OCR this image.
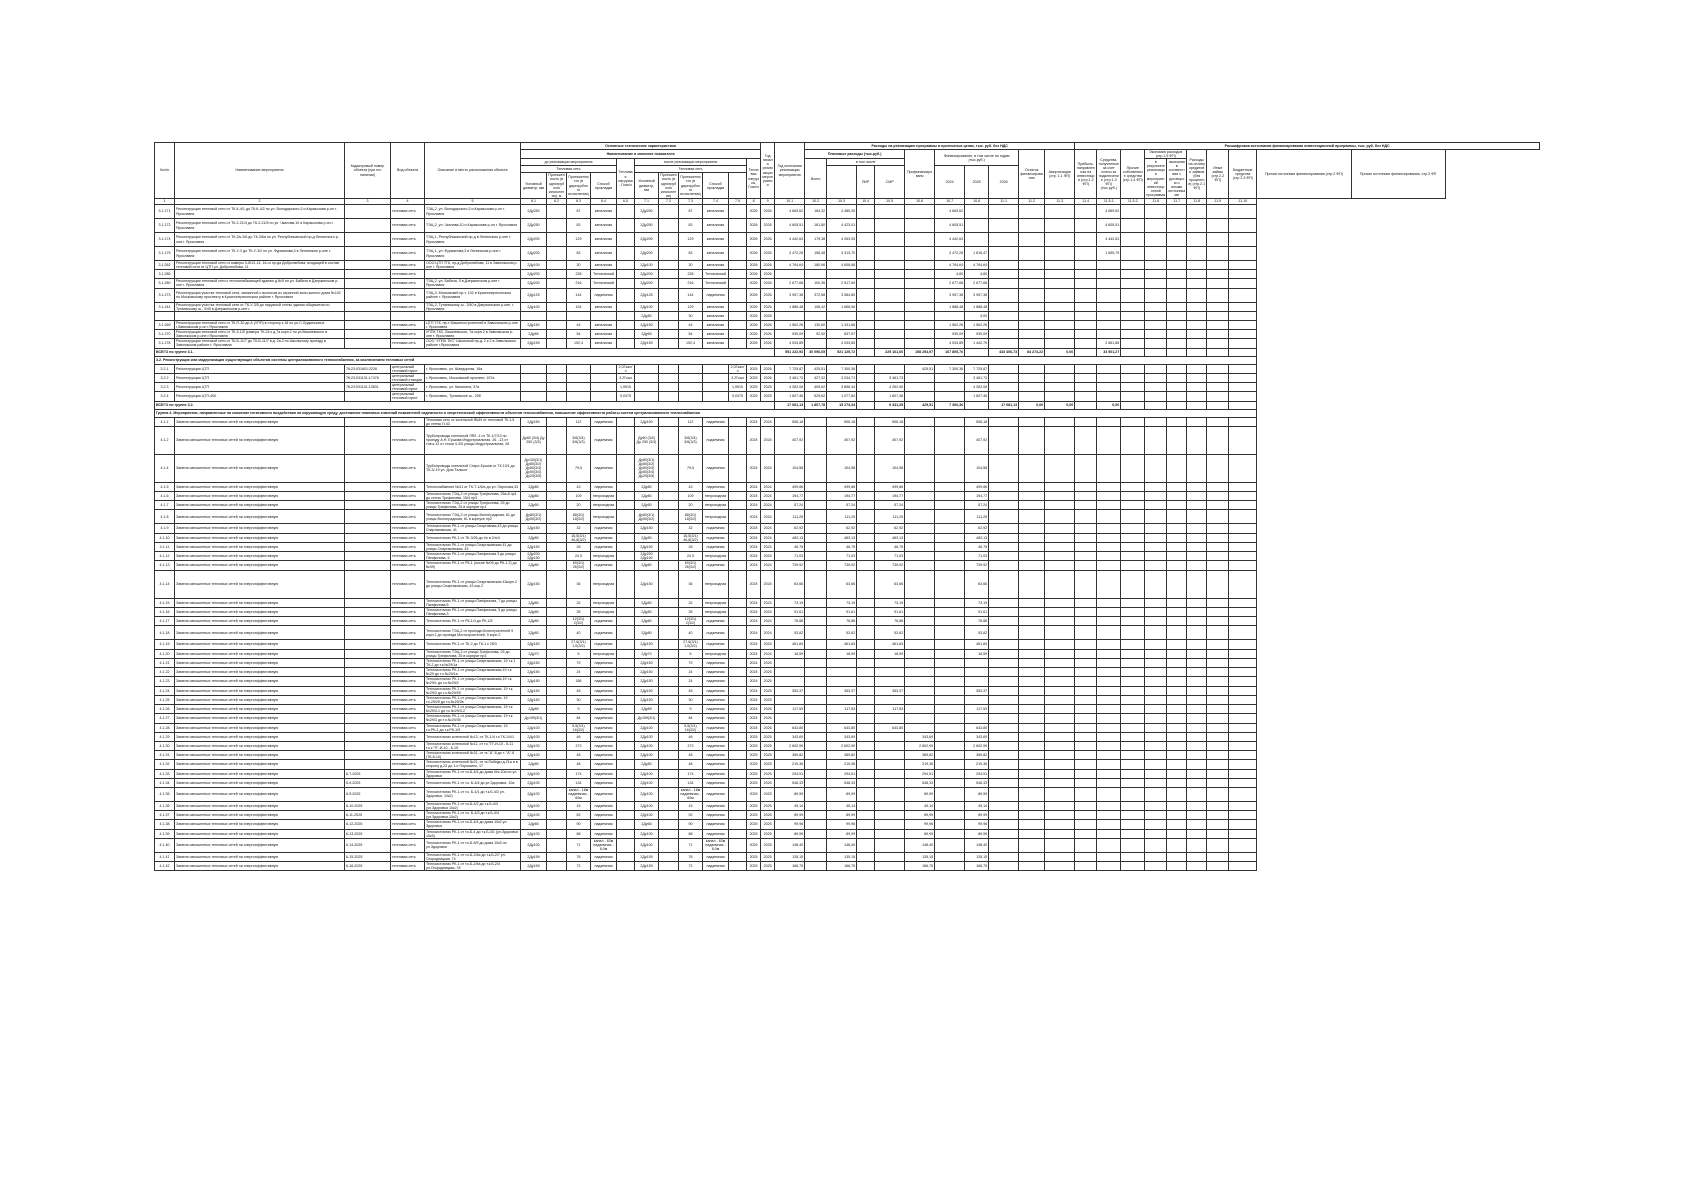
№п/п	Наименование мероприятия	Кадастровый номер объекта (при его наличии)	Вид объекта	Описание и место расположения объекта	Основные технические характеристики											Год начала реализации мероприятия	Год окончания реализации мероприятия	Расходы на реализацию программы в прогнозных ценах, тыс. руб. без НДС										Расшифровка источников финансирования инвестиционной программы, тыс. руб. без НДС									
					Наименование и значение показателя													Плановые расходы (тыс.руб.)				Профинансировано	Финансирование, в том числе по годам (тыс.руб.)			Остаток финансирования	Амортизация (стр. 1.1 ФП)	Прибыль, направленная на инвестиции (стр.1.2 ФП)	Средства, полученные за счет платы за подключение (стр.1.3 ФП) (тыс.руб.)	Прочие собственные средства (стр.1.4 ФП)	Экономия расходов (стр.1.5 ФП)		Расходы на оплату кредитов и займов (без процентов) (стр.2.1 ФП)	Иные займы (стр.2.2 ФП)	Бюджетные средства (стр.2.3 ФП)	Прочие источники финансирования (стр.2 ФП)	Прочие источники финансирования, стр.3 ФП
					до реализации мероприятия				Тепловая нагрузка, Гкал/ч	после реализации мероприятия					Тепловая нагрузка, Гкал/ч			Всего	в том числе												в результате реализации мероприятий инвестиционной программы	экономия в соответствии с договором и иными источниками					
					Тепловая сеть					Тепловая сеть										ПИР	СМР		2024	2025	2026												
					Условный диаметр, мм	Протяженность (в однотрубном исчислении), м	Протяженность (в двухтрубном исчислении)	Способ прокладки		Условный диаметр, мм	Протяженность (в однотрубном исчислении)	Протяженность (в двухтрубном исчислении)	Способ прокладки																								
1	2	3	4	5	6.1	6.2	6.3	6.4	6.5	7.1	7.2	7.3	7.4	7.5	8	9	10.1	10.2	10.3	10.4	10.5	10.6	10.7	10.8	11.1	11.2	11.3	11.4	11.5.1	11.5.2	11.6	11.7	11.8	11.9	11.10		
3.1.171	Реконструкция тепловой сети от ТК-К-4/1 до ТК-К-4/2 по ул. Володарского,3 и Каракозова р-он г. Ярославля		тепловая сеть	ТЭЦ-2, ул. Володарского,3 и Каракозова р-он г. Ярославля	2Ду250		87	канальная		2Ду250		87	канальная		2026	2026	4 669,62	184,32	4 485,30				4 669,62						4 669,62								
3.1.172	Реконструкция тепловой сети от ТК-2-21/4 до ТК-2-21/5 по ул. Чкалова,10 и Каракозова р-он г. Ярославля		тепловая сеть	ТЭЦ-2, ул. Чкалова,10 и Каракозова р-он г. Ярославля	2Ду250		83	канальная		2Ду250		83	канальная		2026	2026	4 605,51	181,80	4 423,41				4 605,51						4 605,51								
3.1.174	Реконструкция тепловой сети от ТК-2/к-3/6 до ТК-3/6а по ул. Республиканской пр-д Ленинского р-она г. Ярославля		тепловая сеть	ТЭЦ-1, Республиканский пр-д в Ленинском р-оне г. Ярославля	2Ду200		129	канальная		2Ду200		129	канальная		2026	2026	4 442,63	179,38	4 263,05				4 442,63						4 442,63								
3.1.175	Реконструкция тепловой сети от ТК-У-3 до ТК-У-3/2 по ул. Фурманова,3 в Ленинском р-оне г. Ярославля		тепловая сеть	ТЭЦ-1, ул. Фурманова,3 в Ленинском р-оне г. Ярославля	2Ду200		82	канальная		2Ду200		82	канальная		2026	2026	3 472,28	158,48	3 313,70				3 472,28	1 816,47					1 655,79								
3.1.262	Реконструкция тепловой сети от камеры 3-Ж12-14, 16-го пр-да Добролюбова, входящей в состав тепловой сети от ЦТП ул. Добролюбова, 11		тепловая сеть	ООО ЦТП ТГК, пр-д Добролюбова, 11 в Заволжском р-оне г. Ярославля	2Ду100		30	канальная		2Ду100		30	канальная		2026	2026	4 794,64	180,96	4 608,68				4 794,64	4 794,64													
3.1.285			тепловая сеть		2Ду200		228	Технический		2Ду200		228	Технический		2026	2026							4,80	4,80													
3.1.280	Реконструкция тепловой сети к теплоснабжающей зданию д.№5 по ул. Бабича в Дзержинском р-оне г. Ярославля		тепловая сеть	ТЭЦ-2, ул. Бабича, 5 в Дзержинском р-оне г. Ярославля	2Ду200		216	Технический		2Ду200		216	Технический		2026	2026	2 677,66	100,36	2 517,69				2 677,66	2 677,66													
3.1.273	Реконструкция участка тепловой сети, связанной с выносом из охранной зоны жилого дома №102 по Московскому проспекту в Красноперекопском районе г. Ярославля		тепловая сеть	ТЭЦ-3, Московский пр-т, 102 в Красноперекопском районе г. Ярославля	2Ду125		144	надземная		2Ду125		144	надземная		2026	2026	3 957,38	372,58	3 584,80				3 957,38	3 957,38													
3.1.241	Реконструкция участка тепловой сети от ТК-У-3/5 до наружной стены здания общежития по Тутаевскому ш., 3/40 в Дзержинском р-оне г.		тепловая сеть	ТЭЦ-2, Тутаевскому ш., 3/40 в Дзержинском р-оне, г. Ярославля	2Ду100		154	канальная		2Ду100		129	канальная		2026	2026	1 886,48	108,42	1 668,06				1 888,48	1 888,48													
										2Ду80		30	канальная		2026	2026								4,00													
3.1.269	Реконструкция тепловой сети от ТК-П-30 до А (УПП) в сторону к 18 по ул.С.Ордынская,в г.Заволжском р-он г.Ярославля		тепловая сеть	ЦТП ТГК, пр-т Машиностроителей в Заволжском р-оне г. Ярославля	2Ду150		44	канальная		2Ду150		44	канальная		2026	2026	1 562,26	130,60	1 431,66				1 562,26	1 562,26													
3.1.270	Реконструкция тепловой сети от ТК-3-1/5 (камера ТК-24 к д.7а корп.2 по ул.Вишневского в Заволжском р-оне г.Ярославля		тепловая сеть	УППК ТКС, Вишневского, 7а корп.2 в Заволжском р-оне г. Ярославля	2Ду65		54	канальная		2Ду65		54	канальная		2026	2026	930,09	92,52	837,57				930,09	930,09													
3.1.278	Реконструкция тепловой сети от ТК-Б-11/7 до ТК-Б-11/7 в д. 2а.2 по Школьному проезду в Заволжском районе г. Ярославля		тепловая сеть	ООО "УППК ТКС" Школьный пр-д, 2 к.2 в Заволжском районе г.Ярославля	2Ду159		192,4	канальная		2Ду159		192,4	канальная		2026	2026	4 033,85		4 033,85				4 033,85	1 442,79					2 661,86								
ВСЕГО по группе 3.1.																	551 222,93	30 096,65	521 125,72		225 161,60	158 254,97	167 805,76		433 406,73	84 274,22	0,00		33 501,27								
3.2. Реконструкция или модернизация существующих объектов системы централизованного теплоснабжения, за исключением тепловых сетей																																					
3.2.1	Реконструкция ЦТП	76:23:031601:2226	центральный тепловой пункт	г. Ярославль, ул. Шандорная, 16а					2,0Гкал/ч					2,0Гкал/ч	2025	2026	7 725,87	425,51	7 300,36			425,51	7 300,36	7 725,87													
3.2.2	Реконструкция ЦТП	76:23:031101:17476	центральный тепловой станции	г. Ярославль, Московский проспект, 157а					3,2Гкал					3,2Гкал	2025	2026	3 461,73	427,02	3 034,71		3 461,73			3 461,73													
3.2.3	Реконструкция ЦТП	76:23:031101:13831	центральный тепловой пункт	г. Ярославль, ул. Калинина, 37а					1,9915					1,9915	2025	2025	4 262,06	405,62	3 856,44		4 262,06			4 262,06													
3.2.4	Реконструкция ЦТП-400		центральный тепловой пункт	г. Ярославль, Тутаевское ш., 25б					9,0375					9,0375	2025	2025	1 607,46	529,62	1 077,84		1 607,46			1 607,46													
ВСЕГО по группе 3.2.																	17 081,13	1 807,78	15 273,34		9 331,25	425,51	7 300,36		17 081,13	0,00	0,00		0,00								
Группа 4. Мероприятия, направленные на снижение негативного воздействия на окружающую среду, достижение плановых значений показателей надежности и энергетической эффективности объектов теплоснабжения, повышение эффективности работы систем централизованного теплоснабжения																																					
4.1.1	Замена изношенных тепловых сетей на энергоэффективную		тепловая сеть	Тепловая сеть от котельной ЯШН от тепловой ТК-1/1 до стены П-43	2Ду150		112	надземная		2Ду150		112	надземная		2024	2024	506,18		506,18		506,18			506,18													
4.1.2	Замена изношенных тепловых сетей на энергоэффективную		тепловая сеть	Трубопроводы котельной ЛЯЗ -1 от ТК-1/7/13 по проезду А.Н. Ершова Индустриальная, 26. -13 от тов.к-12 от стоки 4-3/5 улицы Индустриальная, 26	Ду80 (3/4) Ду 250 (3/3)		3/6(3/4) 3/6(3/3)	подземная		Ду80 (3/4) Ду 250 (3/3)		3/6(3/4) 3/6(3/3)	подземная		2024	2024	407,92		407,92		407,92			407,92													
4.1.4	Замена изношенных тепловых сетей на энергоэффективную		тепловая сеть	Трубопроводы котельной Старо-Ершов от ТК 13/1 до ТК-3/-19 ул. Дом Тальскт	Ду100(3/1) Ду80(3/2) Ду80(3/3) Ду50(3/4) Ду25(3/5)		79,5	надземная		Ду80(3/1) Ду80(3/2) Ду80(3/3) Ду50(3/4) Ду25(3/5)		79,5	надземная		2024	2024	104,58		104,58		104,58			104,58													
4.1.5	Замена изношенных тепловых сетей на энергоэффективную		тепловая сеть	Теплоснабжение №31 от ТК-Т-1/6/а до ул. Пирогова,33	2Ду80		43	надземная		2Ду80		43	надземная		2024	2024	499,86		499,86		499,86			499,86													
4.1.6	Замена изношенных тепловых сетей на энергоэффективную		тепловая сеть	Теплоисточник ТЭЦ-2 от улицы Трефилова, 25а-8 пр1 до стены Трефилова, 15/4 пр3	2Ду80		109	непроходная		2Ду80		109	непроходная		2024	2024	194,77		194,77		194,77			194,77													
4.1.7	Замена изношенных тепловых сетей на энергоэффективную		тепловая сеть	Теплоисточник ТЭЦ-2 от улицы Трефилова, 25 до улицы Трефилова, 25 в корпусе пр1	2Ду50		20	непроходная		2Ду50		20	непроходная		2024	2024	57,24		57,24		57,24			57,24													
4.1.8	Замена изношенных тепловых сетей на энергоэффективную		тепловая сеть	Теплоисточник ТЭЦ-2 от улицы Волгоградская, 61 до улицы Волгоградская, 61 в корпусе пр2	Ду80(3/1) Ду50(3/2)		68(3/1) 18(3/2)	непроходная		Ду80(3/1) Ду50(3/2)		68(3/1) 18(3/2)	непроходная		2024	2024	111,25		111,25		111,25			111,25													
4.1.9	Замена изношенных тепловых сетей на энергоэффективную		тепловая сеть	Теплоисточник РК-1 от улицы Спортивная,43 до улицы Спартаковская, 41	2Ду150		32	подземная		2Ду150		32	подземная		2024	2024	62,92		62,92		62,92			62,92													
4.1.10	Замена изношенных тепловых сетей на энергоэффективную		тепловая сеть	Теплоисточник РК-1 от ТК-3/26 до т/к в 2/п/4	2Ду80		16,5(3/1) 46,8(3/2)	подземная		2Ду80		16,5(3/1) 46,8(3/2)	подземная		2024	2024	483,13		483,13		483,13			483,13													
4.1.11	Замена изношенных тепловых сетей на энергоэффективную		тепловая сеть	Теплоисточник РК-1 от улицы Спартаковская 41 до улицы Спартаковская, 43	2Ду150		26	подземная		2Ду150		26	подземная		2024	2024	46,75		46,75		46,75			46,75													
4.1.12	Замена изношенных тепловых сетей на энергоэффективную		тепловая сеть	Теплоисточник РК-1 от улицы Панфилова 3 до улицы Панфилова, 5	2Ду200 2Ду150		24 5	непроходная		2Ду200 2Ду150		24 5	непроходная		2024	2024	71,03		71,03		71,03			71,03													
4.1.13	Замена изношенных тепловых сетей на энергоэффективную		тепловая сеть	Теплоисточник РК-1 от РК-1 (после №09 до РК-1 2) до №09)	2Ду80		69(3/1) 26(3/2)	подземная		2Ду80		69(3/1) 26(3/2)	подземная		2024	2024	739,92		739,92		739,92			739,92													
4.1.14	Замена изношенных тепловых сетей на энергоэффективную		тепловая сеть	Теплоисточник РК-1 от улицы Спартаковская 43корп.2 до улицы Спартаковская, 43 кор.2	2Ду150		36	непроходная		2Ду150		36	непроходная		2024	2024	63,66		63,66		63,66			63,66													
4.1.15	Замена изношенных тепловых сетей на энергоэффективную		тепловая сеть	Теплоисточник РК-1 от улицы Панфилова, 7 до улицы Панфилова,5	2Ду80		32	непроходная		2Ду80		32	непроходная		2024	2024	73,19		73,19		73,19			73,19													
4.1.16	Замена изношенных тепловых сетей на энергоэффективную		тепловая сеть	Теплоисточник РК-1 от улицы Панфилова, 5 до улицы Панфилова,3	2Ду80		35	непроходная		2Ду80		35	непроходная		2024	2024	91,61		91,61		91,61			91,61													
4.1.17	Замена изношенных тепловых сетей на энергоэффективную		тепловая сеть	Теплоисточник РК-1 от РК-1/4 до РК-1/5	2Ду80		12(3/1) 2(3/2)	подземная		2Ду80		12(3/1) 2(3/2)	подземная		2024	2024	76,88		76,88		76,88			76,88													
4.1.18	Замена изношенных тепловых сетей на энергоэффективную		тепловая сеть	Теплоисточник ТЭЦ-2 от проезда Мотостроителей 9 корп.2 до проезда Мотостроителей, 9 корп.2	2Ду80		40	подземная		2Ду80		40	подземная		2024	2024	53,82		53,82		53,82			53,82													
4.1.19	Замена изношенных тепловых сетей на энергоэффективную		тепловая сеть	Теплоисточник РК-1 от ТК-2 до ТК-1 к 2б/3	2Ду150		27,6(3/1) 1,0(3/2)	подземная		2Ду150		27,6(3/1) 1,0(3/2)	подземная		2024	2024	461,84		461,84		461,84			461,84													
4.1.20	Замена изношенных тепловых сетей на энергоэффективную		тепловая сеть	Теплоисточник ТЭЦ-2 от улицы Трефилова, 25 до улицы Трефилова, 25 в корпусе пр3	2Ду70		5	непроходная		2Ду70		5	непроходная		2024	2024	18,59		18,59		18,59			18,59													
4.1.21	Замена изношенных тепловых сетей на энергоэффективную		тепловая сеть	Теплоисточник РК-1 от улицы Спартаковская, 19 т.к.1 ТК-2 до т.к.№29/1а	2Ду150		79	надземная		2Ду150		79	надземная		2024	2025																					
4.1.22	Замена изношенных тепловых сетей на энергоэффективную		тепловая сеть	Теплоисточник РК-1 от улицы Спартаковская,19 т.к.№29 до т.к.№29/1а	2Ду150		24	надземная		2Ду150		24	надземная		2024	2025																					
4.1.23	Замена изношенных тепловых сетей на энергоэффективную		тепловая сеть	Теплоисточник РК-1 от улицы Спартаковская,19 т.к.№29/1 до т.к.№29/2	2Ду150		186	надземная		2Ду150		24	надземная		2024	2025																					
4.1.24	Замена изношенных тепловых сетей на энергоэффективную		тепловая сеть	Теплоисточник РК-1 от улицы Спартаковская, 19 т.к.№29/2 до т.к.№29/2б	2Ду150		45	надземная		2Ду150		45	надземная		2024	2025	353,37		353,37		353,37			353,37													
4.1.25	Замена изношенных тепловых сетей на энергоэффективную		тепловая сеть	Теплоисточник РК-1 от улицы Спартаковская, 19 т.к.29/2б до т.к.№29/2в	2Ду150		30	надземная		2Ду150		30	надземная		2024	2025																					
4.1.26	Замена изношенных тепловых сетей на энергоэффективную		тепловая сеть	Теплоисточник РК-1 от улицы Спартаковская, 19 т.к.№29/3-1 до т.к.№29/3-2	2Ду89		9	надземная		2Ду89		9	надземная		2024	2026	117,53		117,53		117,53			117,53													
4.1.27	Замена изношенных тепловых сетей на энергоэффективную		тепловая сеть	Теплоисточник РК-1 от улицы Спартаковская, 19 т.к.№29/3 до т.к.№29/3б	Ду159(3/1)		84	надземная		Ду159(3/1)		84	надземная		2024	2026																					
4.1.28	Замена изношенных тепловых сетей на энергоэффективную		тепловая сеть	Теплоисточник РК-1 от улицы Спартаковская, 19 т.к.РК-1 до т.к.РК-1/9	2Ду100		5,5(3/1) 16(3/2)	подземная		2Ду100		5,5(3/1) 16(3/2)	подземная		2024	2026	643,80		643,80		643,80			643,80													
4.1.29	Замена изношенных тепловых сетей на энергоэффективную		тепловая сеть	Теплоисточник котельной №13, от ТК-1/4 т.к ТК-1/4/1	2Ду100		46	надземная		2Ду100		46	надземная		2025	2025	343,69		343,69			343,69		343,69													
4.1.30	Замена изношенных тепловых сетей на энергоэффективную		тепловая сеть	Теплоисточник котельной №11, от т.к."П"-И-10 - К-11 т.к.к "П"-И-10 - К-19	2Ду100		273	надземная		2Ду100		273	надземная		2025	2025	2 602,99		2 602,99			2 602,99		2 602,99													
4.1.31	Замена изношенных тепловых сетей на энергоэффективную		тепловая сеть	Теплоисточник котельной №31, от тк "А"-8 до т. "А"-8 (ТК-8-10)	2Ду100		46	надземная		2Ду100		46	надземная		2025	2025	389,82		389,82			389,82		389,82													
4.1.32	Замена изношенных тепловых сетей на энергоэффективную		тепловая сеть	Теплоисточник котельной №21, от тк.Победы д.21а и в сторону д.22 до 1-е Порошино, 17	2Ду80		48	надземная		2Ду80		48	надземная		2025	2025	219,36		219,36			219,36		219,36													
4.1.33	Замена изношенных тепловых сетей на энергоэффективную	6-7-2025	тепловая сеть	Теплоисточник РК-1 от т.к.Б-4/4 до дома №к 10а по ул. Здоровья	2Ду100		174	надземная		2Ду100		174	надземная		2025	2025	294,51		294,51			294,51		294,51													
4.1.34	Замена изношенных тепловых сетей на энергоэффективную	6-9-2025	тепловая сеть	Теплоисточник РК-1 от т.к. Б-4/4 до ул.Здоровья, 10а	2Ду100		134	надземная		2Ду100		134	надземная		2025	2025	548,33		548,33			548,33		548,33													
4.1.35	Замена изношенных тепловых сетей на энергоэффективную	6-9-2025	тепловая сеть	Теплоисточник РК-1 от т.к. Б-4/1 до т.к.Б-4/2 ул. Здоровья, 10к2)	2Ду100		канал - 18м надземная - 60м	надземная		2Ду100		канал - 18м надземная - 60м	надземная		2025	2025	89,99		89,99			89,99		89,99													
4.1.36	Замена изношенных тепловых сетей на энергоэффективную	6-10-2025	тепловая сеть	Теплоисточник РК-1 от т.к.Б-4/2 до т.к.Б-4/3 (ул.Здоровья 10к2)	2Ду100		15	надземная		2Ду100		15	надземная		2025	2025	45,14		45,14			45,14		45,14													
4.1.37	Замена изношенных тепловых сетей на энергоэффективную	6-11-2025	тепловая сеть	Теплоисточник РК-1 от т.к. Б-4/3 до т.к.Б-4/4 (ул.Здоровья,10к2)	2Ду100		62	надземная		2Ду100		92	надземная		2025	2025	89,99		89,99			89,99		89,99													
4.1.38	Замена изношенных тепловых сетей на энергоэффективную	6-12-2025	тепловая сеть	Теплоисточник РК-1 от т.к.Б-4/4 до дома 10к2 ул. Здоровья	2Ду65		90	надземная		2Ду65		90	надземная		2025	2025	99,96		99,96			99,96		99,96													
4.1.39	Замена изношенных тепловых сетей на энергоэффективную	6-13-2025	тепловая сеть	Теплоисточник РК-1 от т.к.Б-4 до т.к.Б-4/1 (ул.Здоровья 10к3)	2Ду100		86	надземная		2Ду100		86	надземная		2025	2025	89,99		89,99			89,99		89,99													
4.1.40	Замена изношенных тепловых сетей на энергоэффективную	6-14-2025	тепловая сеть	Теплоисточник РК-1 от т.к.Б-5/9 до дома 10к3 по ул.Здоровья	2Ду100		71	канал - 63м надземная - 8,0м		2Ду100		71	канал - 63м надземная - 8,0м		2025	2025	148,40		148,40			148,40		148,40													
4.1.41	Замена изношенных тепловых сетей на энергоэффективную	6-15-2025	тепловая сеть	Теплоисточник РК-1 от т.к.Б-2/4а до т.к.Б-2/7 ул. Огородницкая, 74	2Ду159		76	надземная		2Ду159		76	надземная		2025	2025	135,15		135,15			135,15		135,15													
4.1.42	Замена изношенных тепловых сетей на энергоэффективную	6-16-2025	тепловая сеть	Теплоисточник РК-1 от т.к.Б-2/4а до т.к.Б-2/4 ул.Огородницкая, 78	2Ду159		72	надземная		2Ду159		72	надземная		2025	2025	166,75		166,75			166,75		166,75													
